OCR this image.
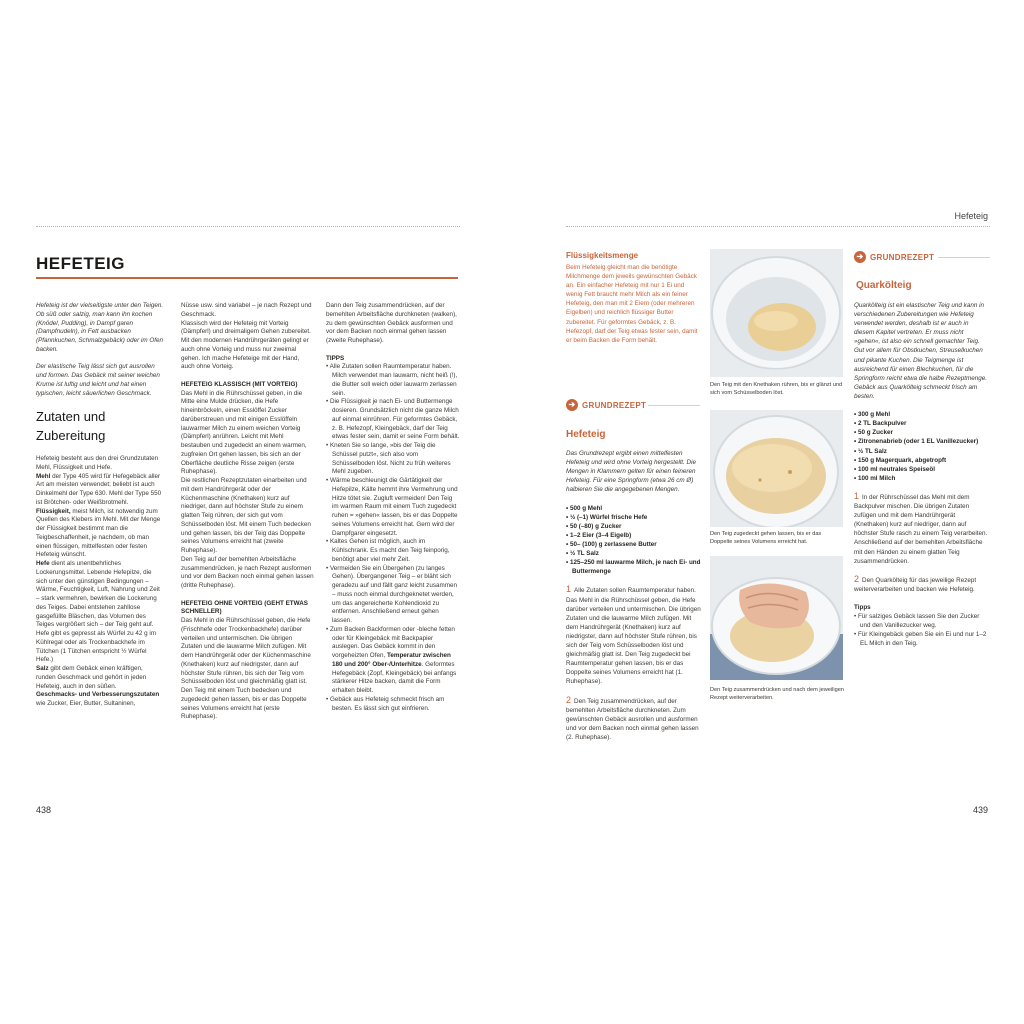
HEFETEIG

Hefeteig ist der vielseitigste unter den Teigen. Ob süß oder salzig, man kann ihn kochen (Knödel, Pudding), in Dampf garen (Dampfnudeln), in Fett ausbacken (Pfannkuchen, Schmalzgebäck) oder im Ofen backen.

Der elastische Teig lässt sich gut ausrollen und formen. Das Gebäck mit seiner weichen Krume ist luftig und leicht und hat einen typischen, leicht säuerlichen Geschmack.

Zutaten und
Zubereitung
Hefeteig besteht aus den drei Grundzutaten Mehl, Flüssigkeit und Hefe.
Mehl der Type 405 wird für Hefegebäck aller Art am meisten verwendet; beliebt ist auch Dinkelmehl der Type 630. Mehl der Type 550 ist Brötchen- oder Weißbrotmehl.
Flüssigkeit, meist Milch, ist notwendig zum Quellen des Klebers im Mehl. Mit der Menge der Flüssigkeit bestimmt man die Teigbeschaffenheit, je nachdem, ob man einen flüssigen, mittelfesten oder festen Hefeteig wünscht.
Hefe dient als unentbehrliches Lockerungsmittel. Lebende Hefepilze, die sich unter den günstigen Bedingungen – Wärme, Feuchtigkeit, Luft, Nahrung und Zeit – stark vermehren, bewirken die Lockerung des Teiges. Dabei entstehen zahllose gasgefüllte Bläschen, das Volumen des Teiges vergrößert sich – der Teig geht auf. Hefe gibt es gepresst als Würfel zu 42 g im Kühlregal oder als Trockenbackhefe im Tütchen (1 Tütchen entspricht ½ Würfel Hefe.)
Salz gibt dem Gebäck einen kräftigen, runden Geschmack und gehört in jeden Hefeteig, auch in den süßen.
Geschmacks- und Verbesserungszutaten wie Zucker, Eier, Butter, Sultaninen,
Nüsse usw. sind variabel – je nach Rezept und Geschmack.

Klassisch wird der Hefeteig mit Vorteig (Dämpferl) und dreimaligem Gehen zubereitet. Mit den modernen Handrührgeräten gelingt er auch ohne Vorteig und muss nur zweimal gehen. Ich mache Hefeteige mit der Hand, auch ohne Vorteig.

HEFETEIG KLASSISCH (MIT VORTEIG)
Das Mehl in die Rührschüssel geben, in die Mitte eine Mulde drücken, die Hefe hineinbröckeln, einen Esslöffel Zucker darüberstreuen und mit einigen Esslöffeln lauwarmer Milch zu einem weichen Vorteig (Dämpferl) anrühren. Leicht mit Mehl bestauben und zugedeckt an einem warmen, zugfreien Ort gehen lassen, bis sich an der Oberfläche deutliche Risse zeigen (erste Ruhephase).
Die restlichen Rezeptzutaten einarbeiten und mit dem Handrührgerät oder der Küchenmaschine (Knethaken) kurz auf niedriger, dann auf höchster Stufe zu einem glatten Teig rühren, der sich gut vom Schüsselboden löst. Mit einem Tuch bedecken und gehen lassen, bis der Teig das Doppelte seines Volumens erreicht hat (zweite Ruhephase).

Den Teig auf der bemehlten Arbeitsfläche zusammendrücken, je nach Rezept ausformen und vor dem Backen noch einmal gehen lassen (dritte Ruhephase).

HEFETEIG OHNE VORTEIG (GEHT ETWAS SCHNELLER)
Das Mehl in die Rührschüssel geben, die Hefe (Frischhefe oder Trockenbackhefe) darüber verteilen und untermischen. Die übrigen Zutaten und die lauwarme Milch zufügen. Mit dem Handrührgerät oder der Küchenmaschine (Knethaken) kurz auf niedrigster, dann auf höchster Stufe rühren, bis sich der Teig vom Schüsselboden löst und gleichmäßig glatt ist. Den Teig mit einem Tuch bedecken und zugedeckt gehen lassen, bis er das Doppelte seines Volumens erreicht hat (erste Ruhephase).

Dann den Teig zusammendrücken, auf der bemehlten Arbeitsfläche durchkneten (walken), zu dem gewünschten Gebäck ausformen und vor dem Backen noch einmal gehen lassen (zweite Ruhephase).

TIPPS
• Alle Zutaten sollen Raumtemperatur haben. Milch verwendet man lauwarm, nicht heiß (!), die Butter soll weich oder lauwarm zerlassen sein.
• Die Flüssigkeit je nach Ei- und Buttermenge dosieren. Grundsätzlich nicht die ganze Milch auf einmal einrühren. Für geformtes Gebäck, z. B. Hefezopf, Kleingebäck, darf der Teig etwas fester sein, damit er seine Form behält.
• Kneten Sie so lange, »bis der Teig die Schüssel putzt«, sich also vom Schüsselboden löst. Nicht zu früh weiteres Mehl zugeben.
• Wärme beschleunigt die Gärtätigkeit der Hefepilze, Kälte hemmt ihre Vermehrung und Hitze tötet sie. Zugluft vermeiden! Den Teig im warmen Raum mit einem Tuch zugedeckt ruhen = »gehen« lassen, bis er das Doppelte seines Volumens erreicht hat. Gern wird der Dampfgarer eingesetzt.
• Kaltes Gehen ist möglich, auch im Kühlschrank. Es macht den Teig feinporig, benötigt aber viel mehr Zeit.
• Vermeiden Sie ein Übergehen (zu langes Gehen). Übergangener Teig – er bläht sich geradezu auf und fällt ganz leicht zusammen – muss noch einmal durchgeknetet werden, um das angereicherte Kohlendioxid zu entfernen. Anschließend erneut gehen lassen.
• Zum Backen Backformen oder -bleche fetten oder für Kleingebäck mit Backpapier auslegen. Das Gebäck kommt in den vorgeheizten Ofen, Temperatur zwischen 180 und 200° Ober-/Unterhitze. Geformtes Hefegebäck (Zopf, Kleingebäck) bei anfangs stärkerer Hitze backen, damit die Form erhalten bleibt.
• Gebäck aus Hefeteig schmeckt frisch am besten. Es lässt sich gut einfrieren.
438
Hefeteig
Flüssigkeitsmenge
Beim Hefeteig gleicht man die benötigte Milchmenge dem jeweils gewünschten Gebäck an. Ein einfacher Hefeteig mit nur 1 Ei und wenig Fett braucht mehr Milch als ein feiner Hefeteig, den man mit 2 Eiern (oder mehreren Eigelben) und reichlich flüssiger Butter zubereitet. Für geformtes Gebäck, z. B. Hefezopf, darf der Teig etwas fester sein, damit er beim Backen die Form behält.
➔ GRUNDREZEPT
Hefeteig

Das Grundrezept ergibt einen mittelfesten Hefeteig und wird ohne Vorteig hergestellt. Die Mengen in Klammern gelten für einen feineren Hefeteig. Für eine Springform (etwa 26 cm Ø) halbieren Sie die angegebenen Mengen.

• 500 g Mehl
• ½ (–1) Würfel frische Hefe
• 50 (–80) g Zucker
• 1–2 Eier (3–4 Eigelb)
• 50– (100) g zerlassene Butter
• ½ TL Salz
• 125–250 ml lauwarme Milch, je nach Ei- und Buttermenge
1 Alle Zutaten sollen Raumtemperatur haben. Das Mehl in die Rührschüssel geben, die Hefe darüber verteilen und untermischen. Die übrigen Zutaten und die lauwarme Milch zufügen. Mit dem Handrührgerät (Knethaken) kurz auf niedrigster, dann auf höchster Stufe rühren, bis sich der Teig vom Schüsselboden löst und gleichmäßig glatt ist. Den Teig zugedeckt bei Raumtemperatur gehen lassen, bis er das Doppelte seines Volumens erreicht hat (1. Ruhephase).
2 Den Teig zusammendrücken, auf der bemehlten Arbeitsfläche durchkneten. Zum gewünschten Gebäck ausrollen und ausformen und vor dem Backen noch einmal gehen lassen (2. Ruhephase).
Den Teig mit den Knethaken rühren, bis er glänzt und sich vom Schüsselboden löst.
Den Teig zugedeckt gehen lassen, bis er das Doppelte seines Volumens erreicht hat.
Den Teig zusammendrücken und nach dem jeweiligen Rezept weiterverarbeiten.
➔ GRUNDREZEPT
Quarkölteig

Quarkölteig ist ein elastischer Teig und kann in verschiedenen Zubereitungen wie Hefeteig verwendet werden, deshalb ist er auch in diesem Kapitel vertreten. Er muss nicht »gehen«, ist also ein schnell gemachter Teig. Gut vor allem für Obstkuchen, Streuselkuchen und pikante Kuchen. Die Teigmenge ist ausreichend für einen Blechkuchen, für die Springform reicht etwa die halbe Rezeptmenge. Gebäck aus Quarkölteig schmeckt frisch am besten.

• 300 g Mehl
• 2 TL Backpulver
• 50 g Zucker
• Zitronenabrieb (oder 1 EL Vanillezucker)
• ½ TL Salz
• 150 g Magerquark, abgetropft
• 100 ml neutrales Speiseöl
• 100 ml Milch
1 In der Rührschüssel das Mehl mit dem Backpulver mischen. Die übrigen Zutaten zufügen und mit dem Handrührgerät (Knethaken) kurz auf niedriger, dann auf höchster Stufe rasch zu einem Teig verarbeiten. Anschließend auf der bemehlten Arbeitsfläche mit den Händen zu einem glatten Teig zusammendrücken.
2 Den Quarkölteig für das jeweilige Rezept weiterverarbeiten und backen wie Hefeteig.
Tipps
• Für salziges Gebäck lassen Sie den Zucker und den Vanillezucker weg.
• Für Kleingebäck geben Sie ein Ei und nur 1–2 EL Milch in den Teig.
439
